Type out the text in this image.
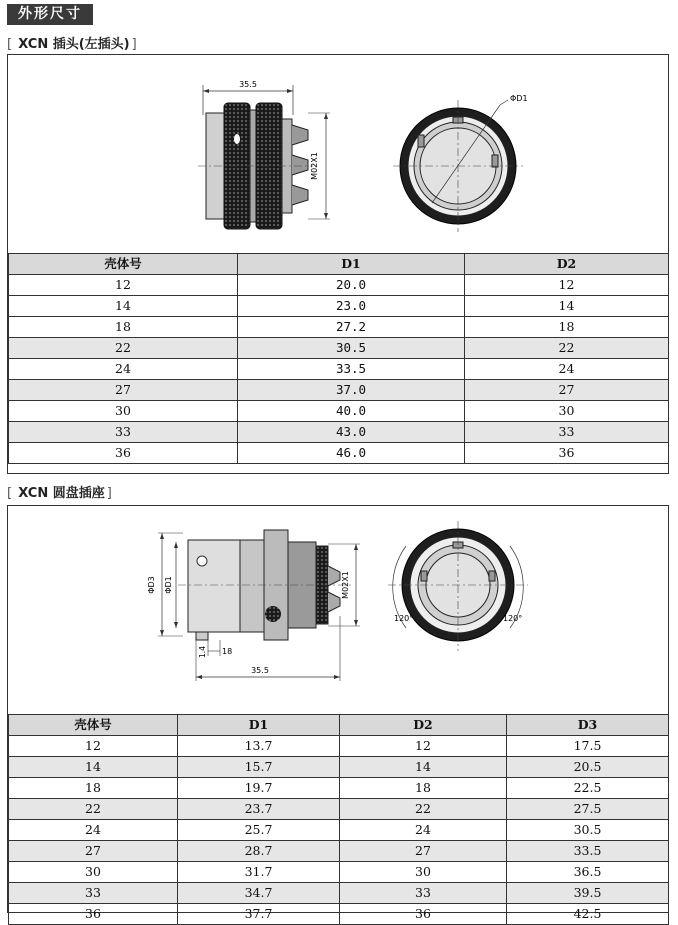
外形尺寸
[ XCN 插头(左插头) ]
35.5
M02X1
ΦD1
壳体号	D1	D2
12	20.0	12
14	23.0	14
18	27.2	18
22	30.5	22
24	33.5	24
27	37.0	27
30	40.0	30
33	43.0	33
36	46.0	36
[ XCN 圆盘插座 ]
ΦD3 ΦD1	M02X1
1.4 18
35.5
120°	120°
壳体号	D1	D2	D3
12	13.7	12	17.5
14	15.7	14	20.5
18	19.7	18	22.5
22	23.7	22	27.5
24	25.7	24	30.5
27	28.7	27	33.5
30	31.7	30	36.5
33	34.7	33	39.5
36	37.7	36	42.5
